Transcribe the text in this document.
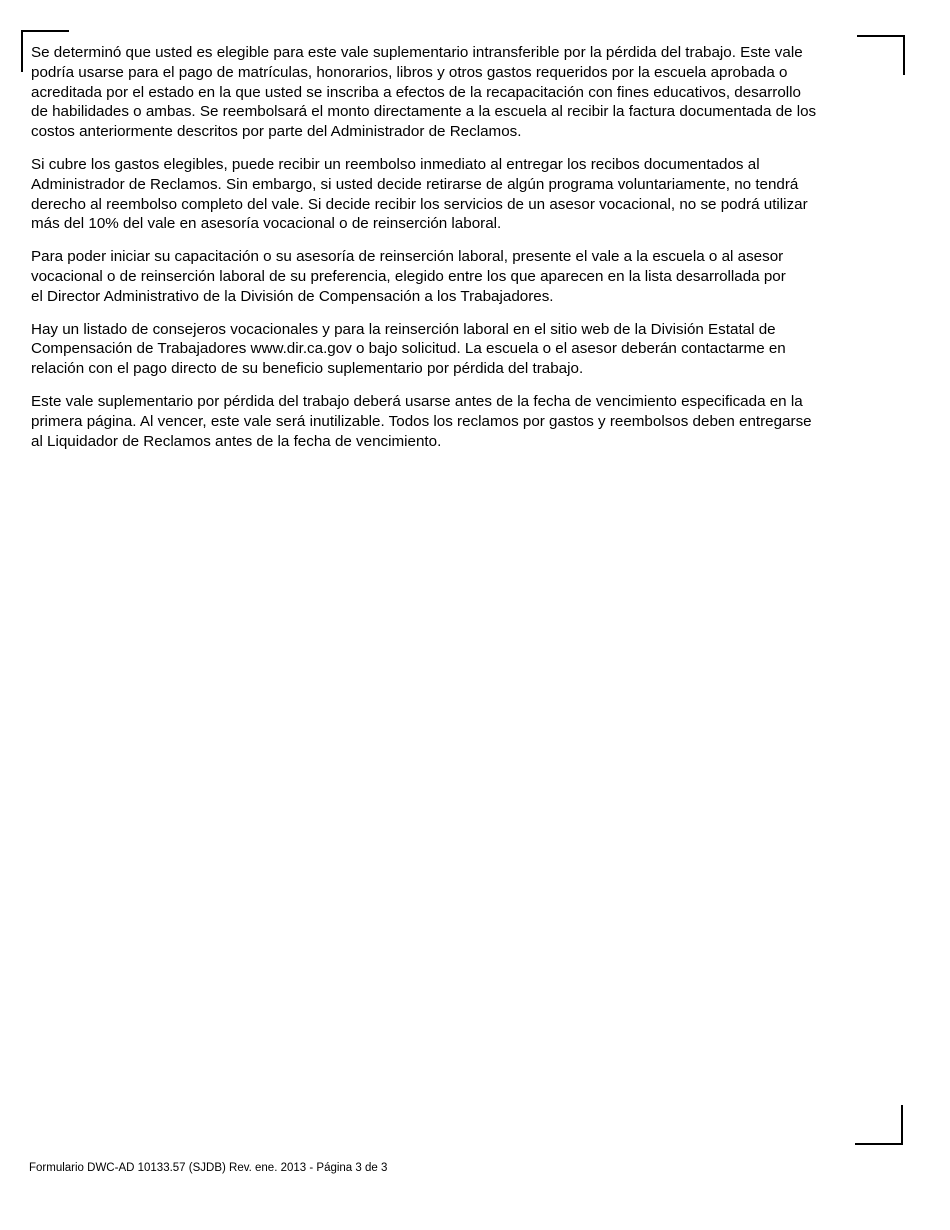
Se determinó que usted es elegible para este vale suplementario intransferible por la pérdida del trabajo. Este vale
podría usarse para el pago de matrículas, honorarios, libros y otros gastos requeridos por la escuela aprobada o
acreditada por el estado en la que usted se inscriba a efectos de la recapacitación con fines educativos, desarrollo
de habilidades o ambas. Se reembolsará el monto directamente a la escuela al recibir la factura documentada de los
costos anteriormente descritos por parte del Administrador de Reclamos.

Si cubre los gastos elegibles, puede recibir un reembolso inmediato al entregar los recibos documentados al
Administrador de Reclamos. Sin embargo, si usted decide retirarse de algún programa voluntariamente, no tendrá
derecho al reembolso completo del vale. Si decide recibir los servicios de un asesor vocacional, no se podrá utilizar
más del 10% del vale en asesoría vocacional o de reinserción laboral.

Para poder iniciar su capacitación o su asesoría de reinserción laboral, presente el vale a la escuela o al asesor
vocacional o de reinserción laboral de su preferencia, elegido entre los que aparecen en la lista desarrollada por
el Director Administrativo de la División de Compensación a los Trabajadores.

Hay un listado de consejeros vocacionales y para la reinserción laboral en el sitio web de la División Estatal de
Compensación de Trabajadores www.dir.ca.gov o bajo solicitud. La escuela o el asesor deberán contactarme en
relación con el pago directo de su beneficio suplementario por pérdida del trabajo.

Este vale suplementario por pérdida del trabajo deberá usarse antes de la fecha de vencimiento especificada en la
primera página. Al vencer, este vale será inutilizable. Todos los reclamos por gastos y reembolsos deben entregarse
al Liquidador de Reclamos antes de la fecha de vencimiento.

Formulario DWC-AD 10133.57 (SJDB) Rev. ene. 2013 - Página 3 de 3
